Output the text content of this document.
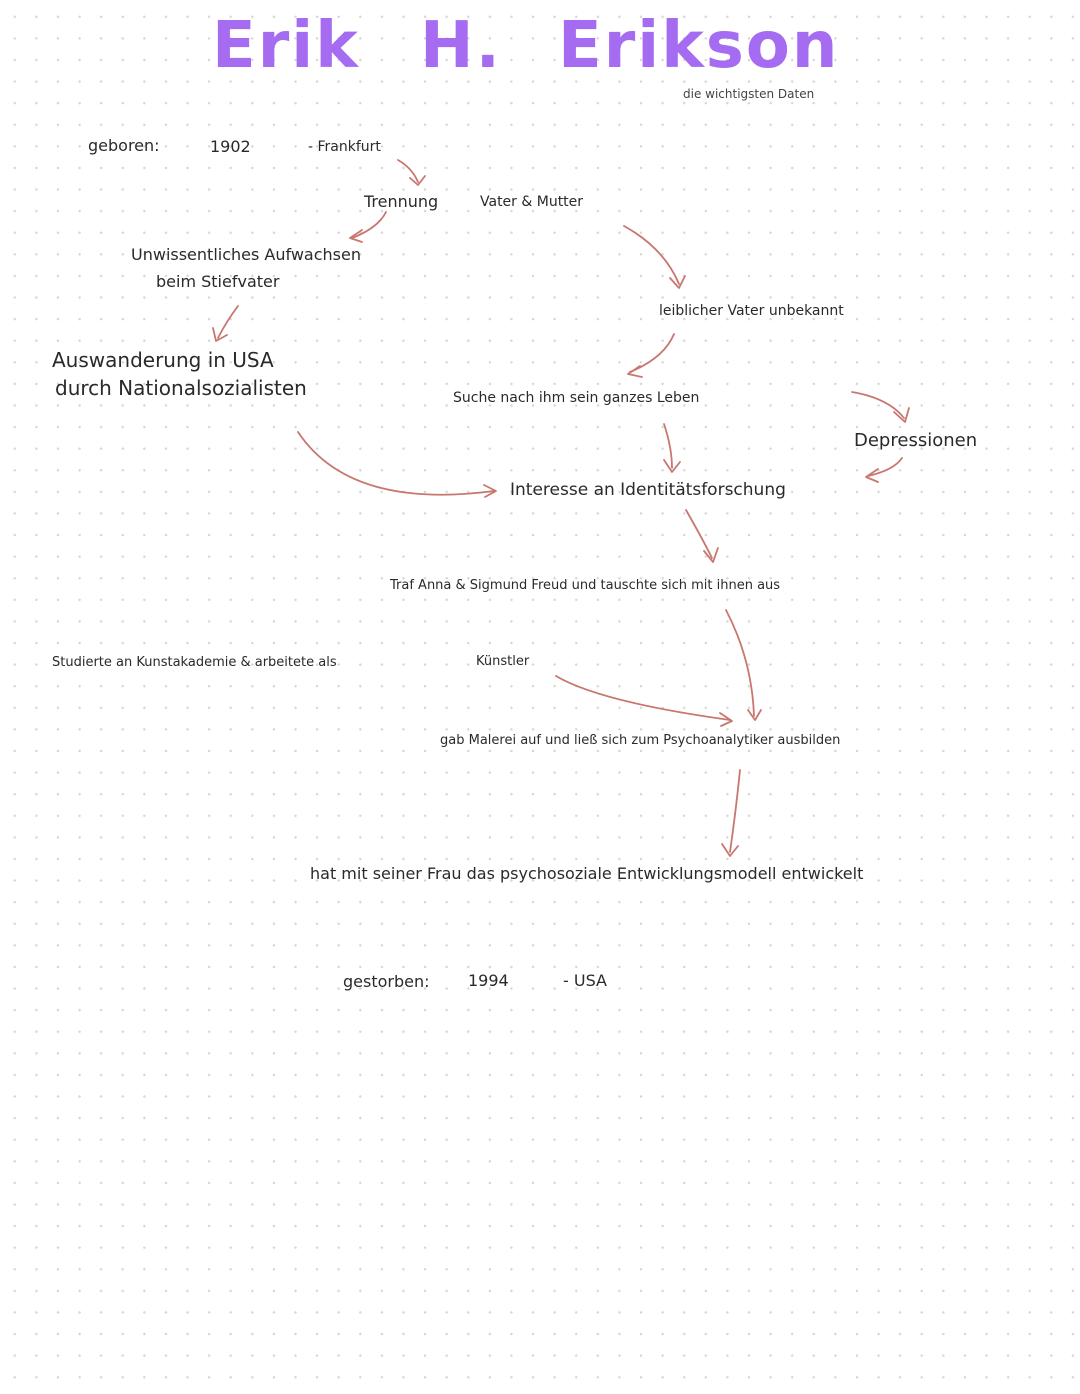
Erik H. Erikson
die wichtigsten Daten
geboren:	1902	- Frankfurt
Trennung	Vater & Mutter
Unwissentliches Aufwachsen
beim Stiefvater
leiblicher Vater unbekannt
Auswanderung in USA
durch Nationalsozialisten	Suche nach ihm sein ganzes Leben
Depressionen
Interesse an Identitätsforschung
Traf Anna & Sigmund Freud und tauschte sich mit ihnen aus
Studierte an Kunstakademie & arbeitete als	Künstler
gab Malerei auf und ließ sich zum Psychoanalytiker ausbilden
hat mit seiner Frau das psychosoziale Entwicklungsmodell entwickelt
gestorben: 1994	- USA
